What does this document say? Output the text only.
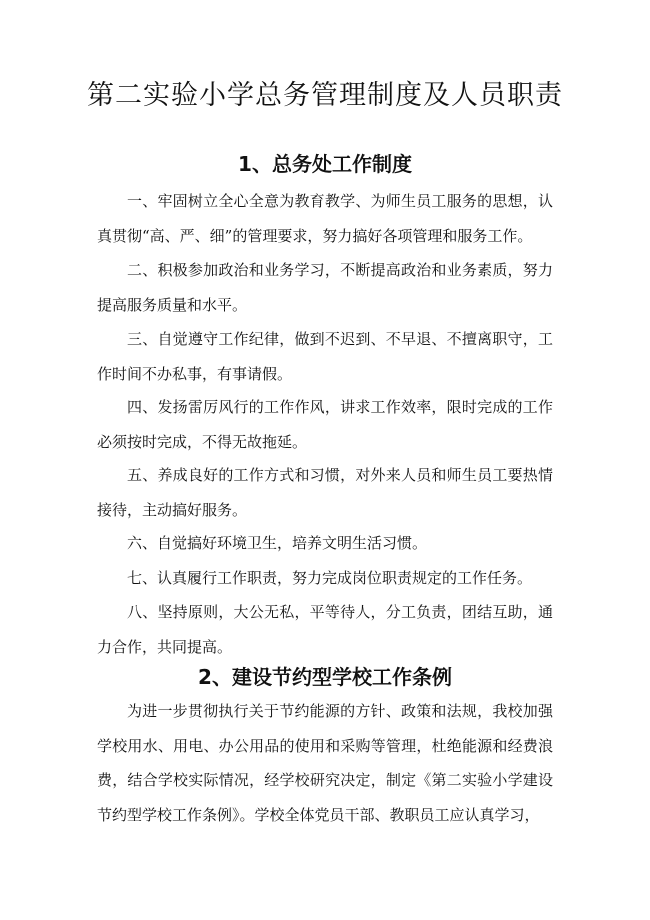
第二实验小学总务管理制度及人员职责
1、总务处工作制度

一、牢固树立全心全意为教育教学、为师生员工服务的思想，认真贯彻“高、严、细”的管理要求，努力搞好各项管理和服务工作。

二、积极参加政治和业务学习，不断提高政治和业务素质，努力提高服务质量和水平。

三、自觉遵守工作纪律，做到不迟到、不早退、不擅离职守，工作时间不办私事，有事请假。

四、发扬雷厉风行的工作作风，讲求工作效率，限时完成的工作必须按时完成，不得无故拖延。

五、养成良好的工作方式和习惯，对外来人员和师生员工要热情接待，主动搞好服务。

六、自觉搞好环境卫生，培养文明生活习惯。

七、认真履行工作职责，努力完成岗位职责规定的工作任务。

八、坚持原则，大公无私，平等待人，分工负责，团结互助，通力合作，共同提高。

2、建设节约型学校工作条例

为进一步贯彻执行关于节约能源的方针、政策和法规，我校加强学校用水、用电、办公用品的使用和采购等管理，杜绝能源和经费浪费，结合学校实际情况，经学校研究决定，制定《第二实验小学建设节约型学校工作条例》。学校全体党员干部、教职员工应认真学习，
